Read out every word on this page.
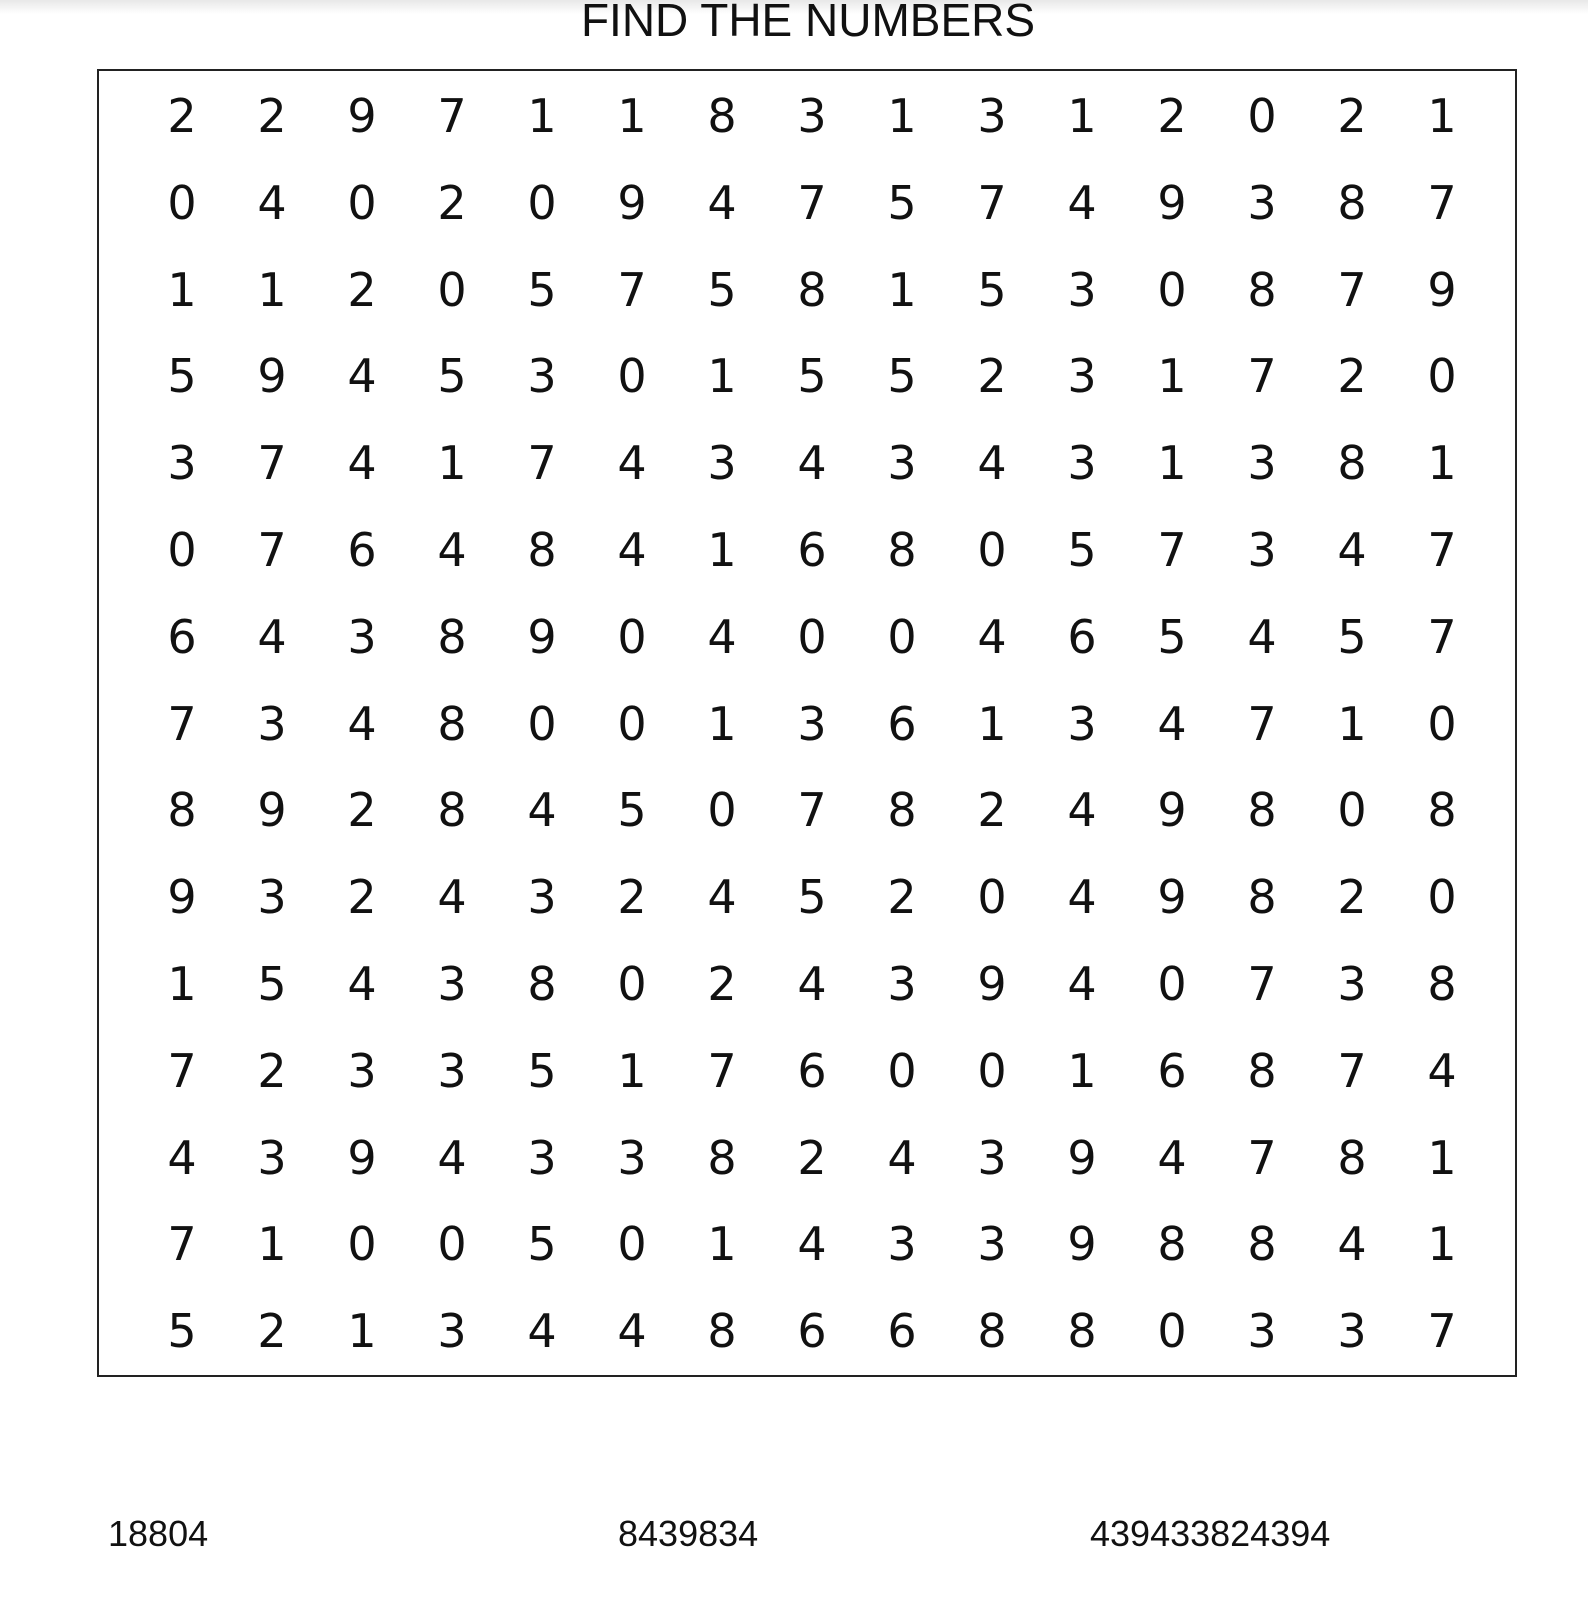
FIND THE NUMBERS
2	2	9	7	1	1	8	3	1	3	1	2	0	2	1
0	4	0	2	0	9	4	7	5	7	4	9	3	8	7
1	1	2	0	5	7	5	8	1	5	3	0	8	7	9
5	9	4	5	3	0	1	5	5	2	3	1	7	2	0
3	7	4	1	7	4	3	4	3	4	3	1	3	8	1
0	7	6	4	8	4	1	6	8	0	5	7	3	4	7
6	4	3	8	9	0	4	0	0	4	6	5	4	5	7
7	3	4	8	0	0	1	3	6	1	3	4	7	1	0
8	9	2	8	4	5	0	7	8	2	4	9	8	0	8
9	3	2	4	3	2	4	5	2	0	4	9	8	2	0
1	5	4	3	8	0	2	4	3	9	4	0	7	3	8
7	2	3	3	5	1	7	6	0	0	1	6	8	7	4
4	3	9	4	3	3	8	2	4	3	9	4	7	8	1
7	1	0	0	5	0	1	4	3	3	9	8	8	4	1
5	2	1	3	4	4	8	6	6	8	8	0	3	3	7
18804	8439834	439433824394
